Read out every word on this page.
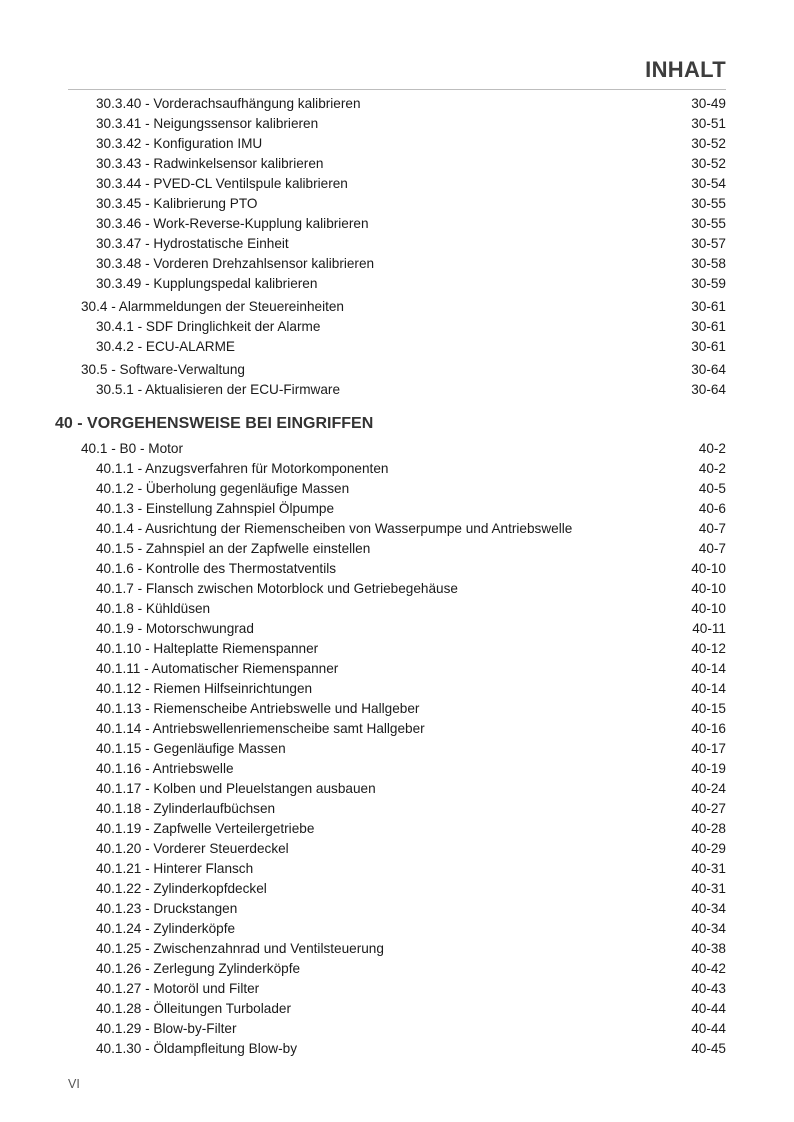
INHALT
30.3.40 - Vorderachsaufhängung kalibrieren	30-49
30.3.41 - Neigungssensor kalibrieren	30-51
30.3.42 - Konfiguration IMU	30-52
30.3.43 - Radwinkelsensor kalibrieren	30-52
30.3.44 - PVED-CL Ventilspule kalibrieren	30-54
30.3.45 - Kalibrierung PTO	30-55
30.3.46 - Work-Reverse-Kupplung kalibrieren	30-55
30.3.47 - Hydrostatische Einheit	30-57
30.3.48 - Vorderen Drehzahlsensor kalibrieren	30-58
30.3.49 - Kupplungspedal kalibrieren	30-59
30.4 - Alarmmeldungen der Steuereinheiten	30-61
30.4.1 - SDF Dringlichkeit der Alarme	30-61
30.4.2 - ECU-ALARME	30-61
30.5 - Software-Verwaltung	30-64
30.5.1 - Aktualisieren der ECU-Firmware	30-64
40.1 - B0 - Motor	40-2
40.1.1 - Anzugsverfahren für Motorkomponenten	40-2
40.1.2 - Überholung gegenläufige Massen	40-5
40.1.3 - Einstellung Zahnspiel Ölpumpe	40-6
40.1.4 - Ausrichtung der Riemenscheiben von Wasserpumpe und Antriebswelle	40-7
40.1.5 - Zahnspiel an der Zapfwelle einstellen	40-7
40.1.6 - Kontrolle des Thermostatventils	40-10
40.1.7 - Flansch zwischen Motorblock und Getriebegehäuse	40-10
40.1.8 - Kühldüsen	40-10
40.1.9 - Motorschwungrad	40-11
40.1.10 - Halteplatte Riemenspanner	40-12
40.1.11 - Automatischer Riemenspanner	40-14
40.1.12 - Riemen Hilfseinrichtungen	40-14
40.1.13 - Riemenscheibe Antriebswelle und Hallgeber	40-15
40.1.14 - Antriebswellenriemenscheibe samt Hallgeber	40-16
40.1.15 - Gegenläufige Massen	40-17
40.1.16 - Antriebswelle	40-19
40.1.17 - Kolben und Pleuelstangen ausbauen	40-24
40.1.18 - Zylinderlaufbüchsen	40-27
40.1.19 - Zapfwelle Verteilergetriebe	40-28
40.1.20 - Vorderer Steuerdeckel	40-29
40.1.21 - Hinterer Flansch	40-31
40.1.22 - Zylinderkopfdeckel	40-31
40.1.23 - Druckstangen	40-34
40.1.24 - Zylinderköpfe	40-34
40.1.25 - Zwischenzahnrad und Ventilsteuerung	40-38
40.1.26 - Zerlegung Zylinderköpfe	40-42
40.1.27 - Motoröl und Filter	40-43
40.1.28 - Ölleitungen Turbolader	40-44
40.1.29 - Blow-by-Filter	40-44
40.1.30 - Öldampfleitung Blow-by	40-45
40 - VORGEHENSWEISE BEI EINGRIFFEN
VI
